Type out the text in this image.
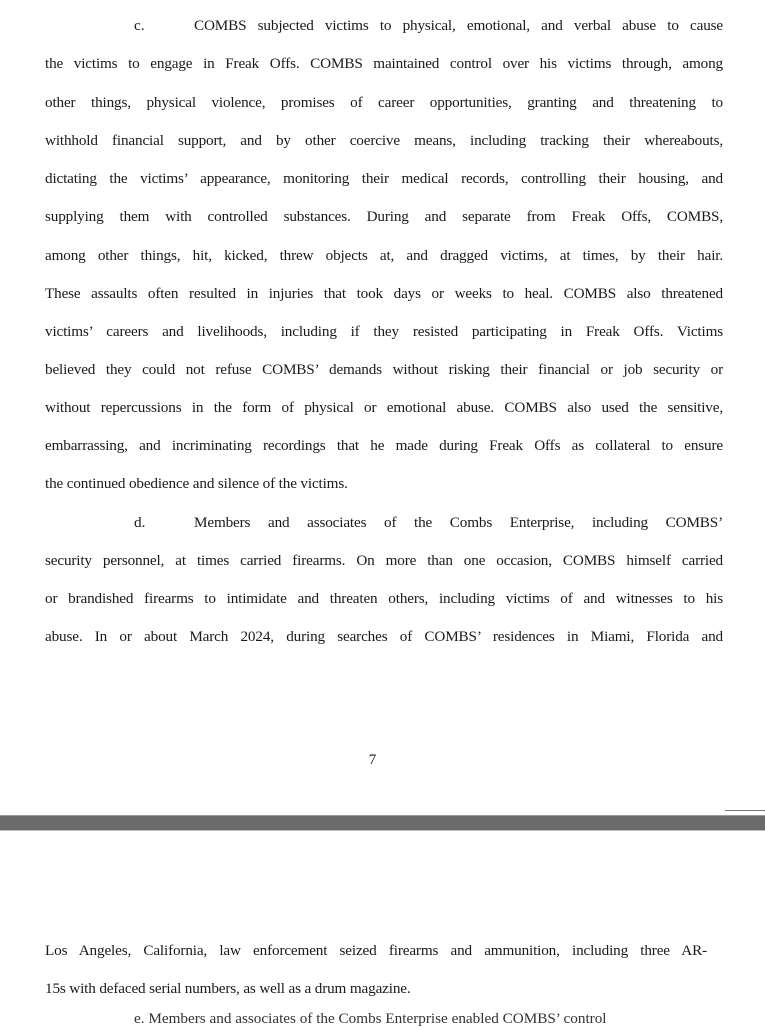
c.	COMBS subjected victims to physical, emotional, and verbal abuse to cause
the victims to engage in Freak Offs. COMBS maintained control over his victims through, among
other things, physical violence, promises of career opportunities, granting and threatening to
withhold financial support, and by other coercive means, including tracking their whereabouts,
dictating the victims’ appearance, monitoring their medical records, controlling their housing, and
supplying them with controlled substances. During and separate from Freak Offs, COMBS,
among other things, hit, kicked, threw objects at, and dragged victims, at times, by their hair.
These assaults often resulted in injuries that took days or weeks to heal. COMBS also threatened
victims’ careers and livelihoods, including if they resisted participating in Freak Offs. Victims
believed they could not refuse COMBS’ demands without risking their financial or job security or
without repercussions in the form of physical or emotional abuse. COMBS also used the sensitive,
embarrassing, and incriminating recordings that he made during Freak Offs as collateral to ensure
the continued obedience and silence of the victims.
d.	Members and associates of the Combs Enterprise, including COMBS’
security personnel, at times carried firearms. On more than one occasion, COMBS himself carried
or brandished firearms to intimidate and threaten others, including victims of and witnesses to his
abuse. In or about March 2024, during searches of COMBS’ residences in Miami, Florida and
7
Los Angeles, California, law enforcement seized firearms and ammunition, including three AR-
15s with defaced serial numbers, as well as a drum magazine.
e. Members and associates of the Combs Enterprise enabled COMBS’ control
